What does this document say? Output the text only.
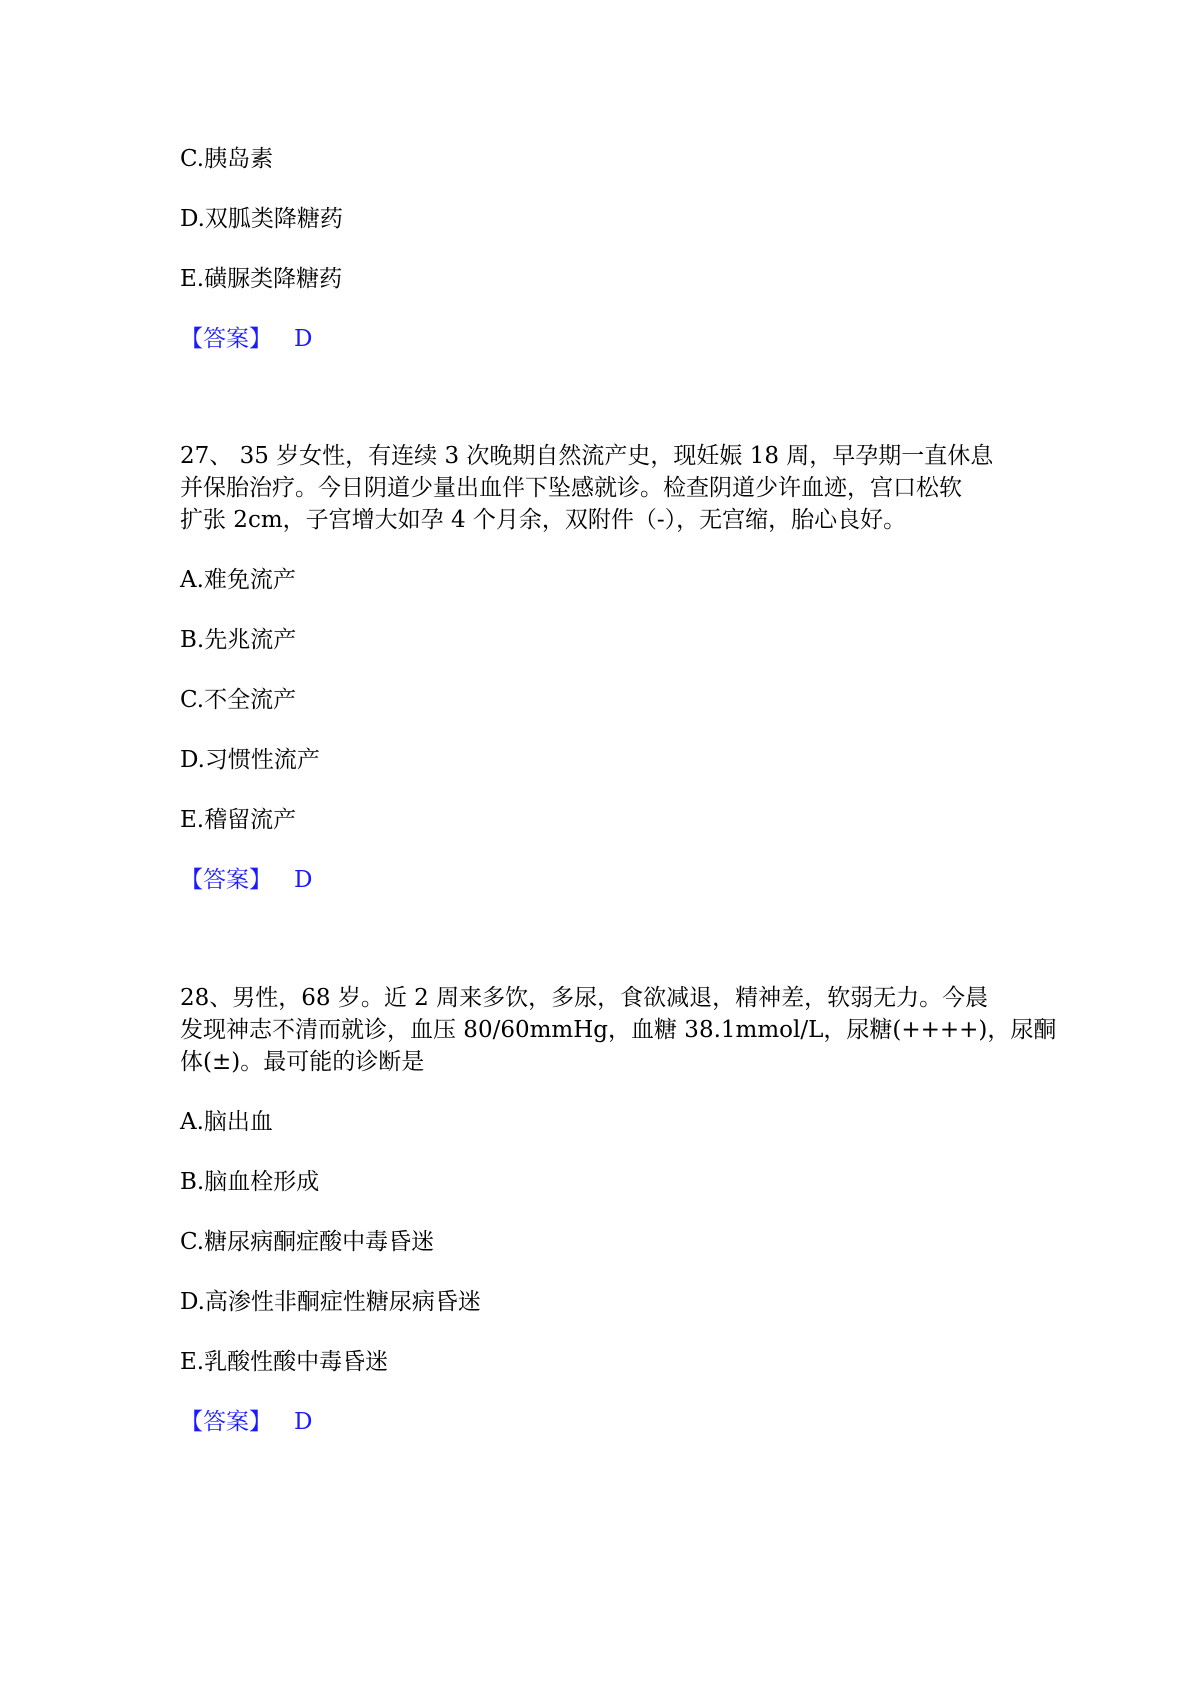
C.胰岛素

D.双胍类降糖药

E.磺脲类降糖药

【答案】 D

27、 35 岁女性，有连续 3 次晚期自然流产史，现妊娠 18 周，早孕期一直休息
并保胎治疗。今日阴道少量出血伴下坠感就诊。检查阴道少许血迹，宫口松软
扩张 2cm，子宫增大如孕 4 个月余，双附件（-），无宫缩，胎心良好。

A.难免流产

B.先兆流产

C.不全流产

D.习惯性流产

E.稽留流产

【答案】 D

28、男性，68 岁。近 2 周来多饮，多尿，食欲减退，精神差，软弱无力。今晨
发现神志不清而就诊，血压 80/60mmHg，血糖 38.1mmol/L，尿糖(++++)，尿酮
体(±)。最可能的诊断是

A.脑出血

B.脑血栓形成

C.糖尿病酮症酸中毒昏迷

D.高渗性非酮症性糖尿病昏迷

E.乳酸性酸中毒昏迷

【答案】 D
